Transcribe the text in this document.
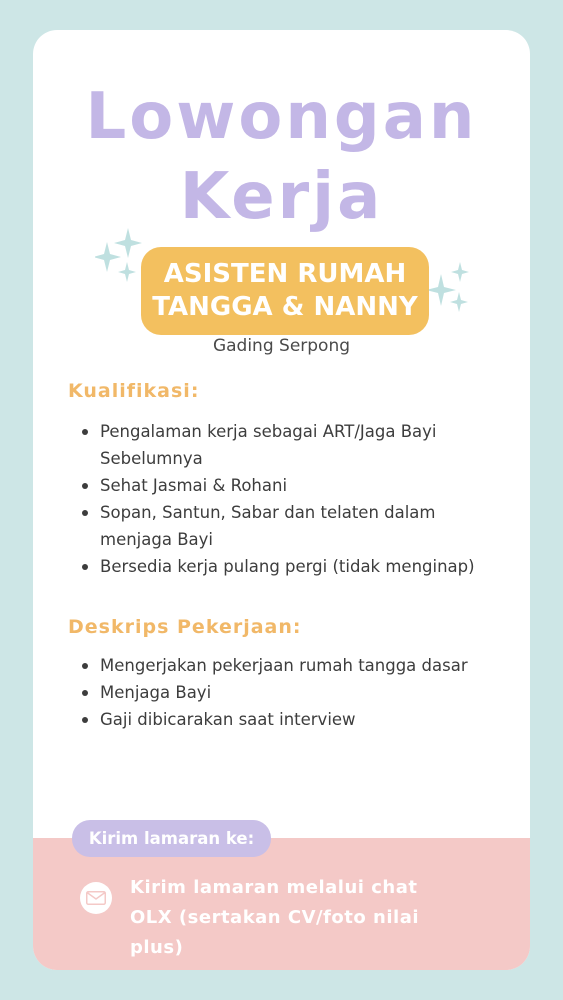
Lowongan
Kerja
ASISTEN RUMAH
TANGGA & NANNY
Gading Serpong
Kualifikasi:
Pengalaman kerja sebagai ART/Jaga Bayi Sebelumnya
Sehat Jasmai & Rohani
Sopan, Santun, Sabar dan telaten dalam menjaga Bayi
Bersedia kerja pulang pergi (tidak menginap)
Deskrips Pekerjaan:
Mengerjakan pekerjaan rumah tangga dasar
Menjaga Bayi
Gaji dibicarakan saat interview
Kirim lamaran ke:
Kirim lamaran melalui chat OLX (sertakan CV/foto nilai plus)
